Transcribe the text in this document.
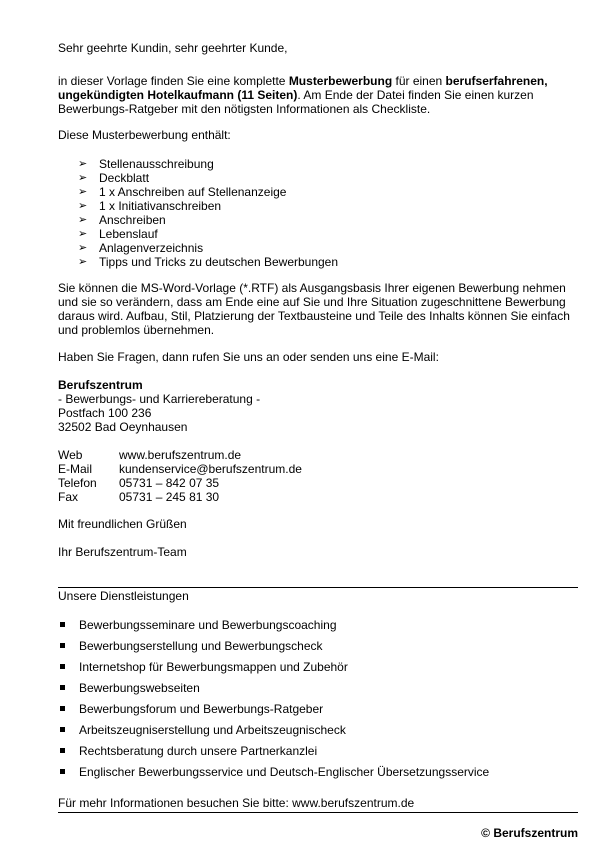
Sehr geehrte Kundin, sehr geehrter Kunde,

in dieser Vorlage finden Sie eine komplette Musterbewerbung für einen berufserfahrenen, ungekündigten Hotelkaufmann (11 Seiten). Am Ende der Datei finden Sie einen kurzen Bewerbungs-Ratgeber mit den nötigsten Informationen als Checkliste.

Diese Musterbewerbung enthält:

➢ Stellenausschreibung
➢ Deckblatt
➢ 1 x Anschreiben auf Stellenanzeige
➢ 1 x Initiativanschreiben
➢ Anschreiben
➢ Lebenslauf
➢ Anlagenverzeichnis
➢ Tipps und Tricks zu deutschen Bewerbungen

Sie können die MS-Word-Vorlage (*.RTF) als Ausgangsbasis Ihrer eigenen Bewerbung nehmen und sie so verändern, dass am Ende eine auf Sie und Ihre Situation zugeschnittene Bewerbung daraus wird. Aufbau, Stil, Platzierung der Textbausteine und Teile des Inhalts können Sie einfach und problemlos übernehmen.

Haben Sie Fragen, dann rufen Sie uns an oder senden uns eine E-Mail:

Berufszentrum

- Bewerbungs- und Karriereberatung -

Postfach 100 236

32502 Bad Oeynhausen

Web	www.berufszentrum.de
E-Mail kundenservice@berufszentrum.de
Telefon 05731 – 842 07 35
Fax	05731 – 245 81 30

Mit freundlichen Grüßen

Ihr Berufszentrum-Team

Unsere Dienstleistungen

Bewerbungsseminare und Bewerbungscoaching
Bewerbungserstellung und Bewerbungscheck
Internetshop für Bewerbungsmappen und Zubehör
Bewerbungswebseiten
Bewerbungsforum und Bewerbungs-Ratgeber
Arbeitszeugniserstellung und Arbeitszeugnischeck
Rechtsberatung durch unsere Partnerkanzlei
Englischer Bewerbungsservice und Deutsch-Englischer Übersetzungsservice

Für mehr Informationen besuchen Sie bitte: www.berufszentrum.de

© Berufszentrum
